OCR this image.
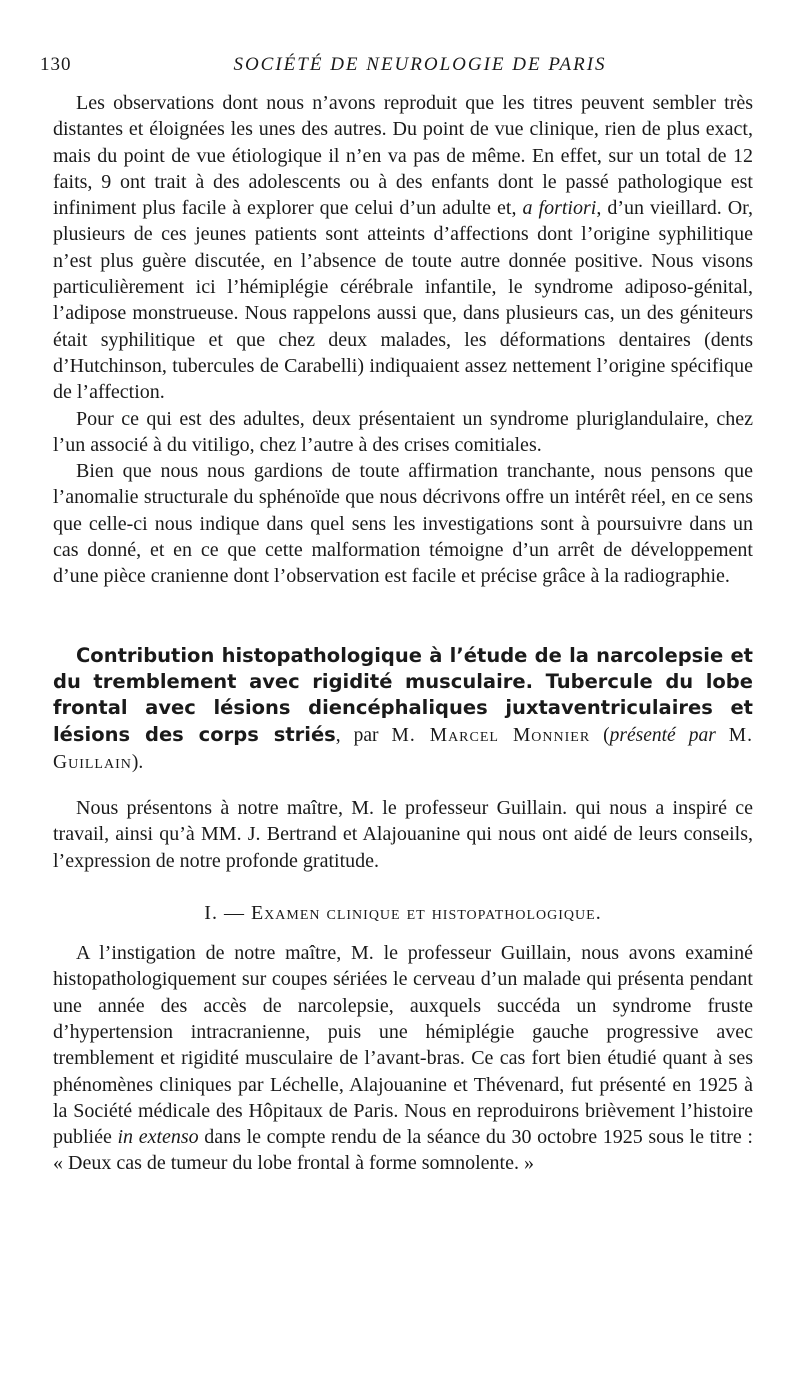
130	SOCIÉTÉ DE NEUROLOGIE DE PARIS

Les observations dont nous n’avons reproduit que les titres peuvent sembler très distantes et éloignées les unes des autres. Du point de vue clinique, rien de plus exact, mais du point de vue étiologique il n’en va pas de même. En effet, sur un total de 12 faits, 9 ont trait à des adolescents ou à des enfants dont le passé pathologique est infiniment plus facile à explorer que celui d’un adulte et, a fortiori, d’un vieillard. Or, plusieurs de ces jeunes patients sont atteints d’affections dont l’origine syphilitique n’est plus guère discutée, en l’absence de toute autre donnée positive. Nous visons particulièrement ici l’hémiplégie cérébrale infantile, le syndrome adiposo-génital, l’adipose monstrueuse. Nous rappelons aussi que, dans plusieurs cas, un des géniteurs était syphilitique et que chez deux malades, les déformations dentaires (dents d’Hutchinson, tubercules de Carabelli) indiquaient assez nettement l’origine spécifique de l’affection.

Pour ce qui est des adultes, deux présentaient un syndrome pluriglandulaire, chez l’un associé à du vitiligo, chez l’autre à des crises comitiales.

Bien que nous nous gardions de toute affirmation tranchante, nous pensons que l’anomalie structurale du sphénoïde que nous décrivons offre un intérêt réel, en ce sens que celle-ci nous indique dans quel sens les investigations sont à poursuivre dans un cas donné, et en ce que cette malformation témoigne d’un arrêt de développement d’une pièce cranienne dont l’observation est facile et précise grâce à la radiographie.

Contribution histopathologique à l’étude de la narcolepsie et du tremblement avec rigidité musculaire. Tubercule du lobe frontal avec lésions diencéphaliques juxtaventriculaires et lésions des corps striés, par M. Marcel Monnier (présenté par M. Guillain).

Nous présentons à notre maître, M. le professeur Guillain. qui nous a inspiré ce travail, ainsi qu’à MM. J. Bertrand et Alajouanine qui nous ont aidé de leurs conseils, l’expression de notre profonde gratitude.

I. — Examen clinique et histopathologique.

A l’instigation de notre maître, M. le professeur Guillain, nous avons examiné histopathologiquement sur coupes sériées le cerveau d’un malade qui présenta pendant une année des accès de narcolepsie, auxquels succéda un syndrome fruste d’hypertension intracranienne, puis une hémiplégie gauche progressive avec tremblement et rigidité musculaire de l’avant-bras. Ce cas fort bien étudié quant à ses phénomènes cliniques par Léchelle, Alajouanine et Thévenard, fut présenté en 1925 à la Société médicale des Hôpitaux de Paris. Nous en reproduirons brièvement l’histoire publiée in extenso dans le compte rendu de la séance du 30 octobre 1925 sous le titre : « Deux cas de tumeur du lobe frontal à forme somnolente. »
